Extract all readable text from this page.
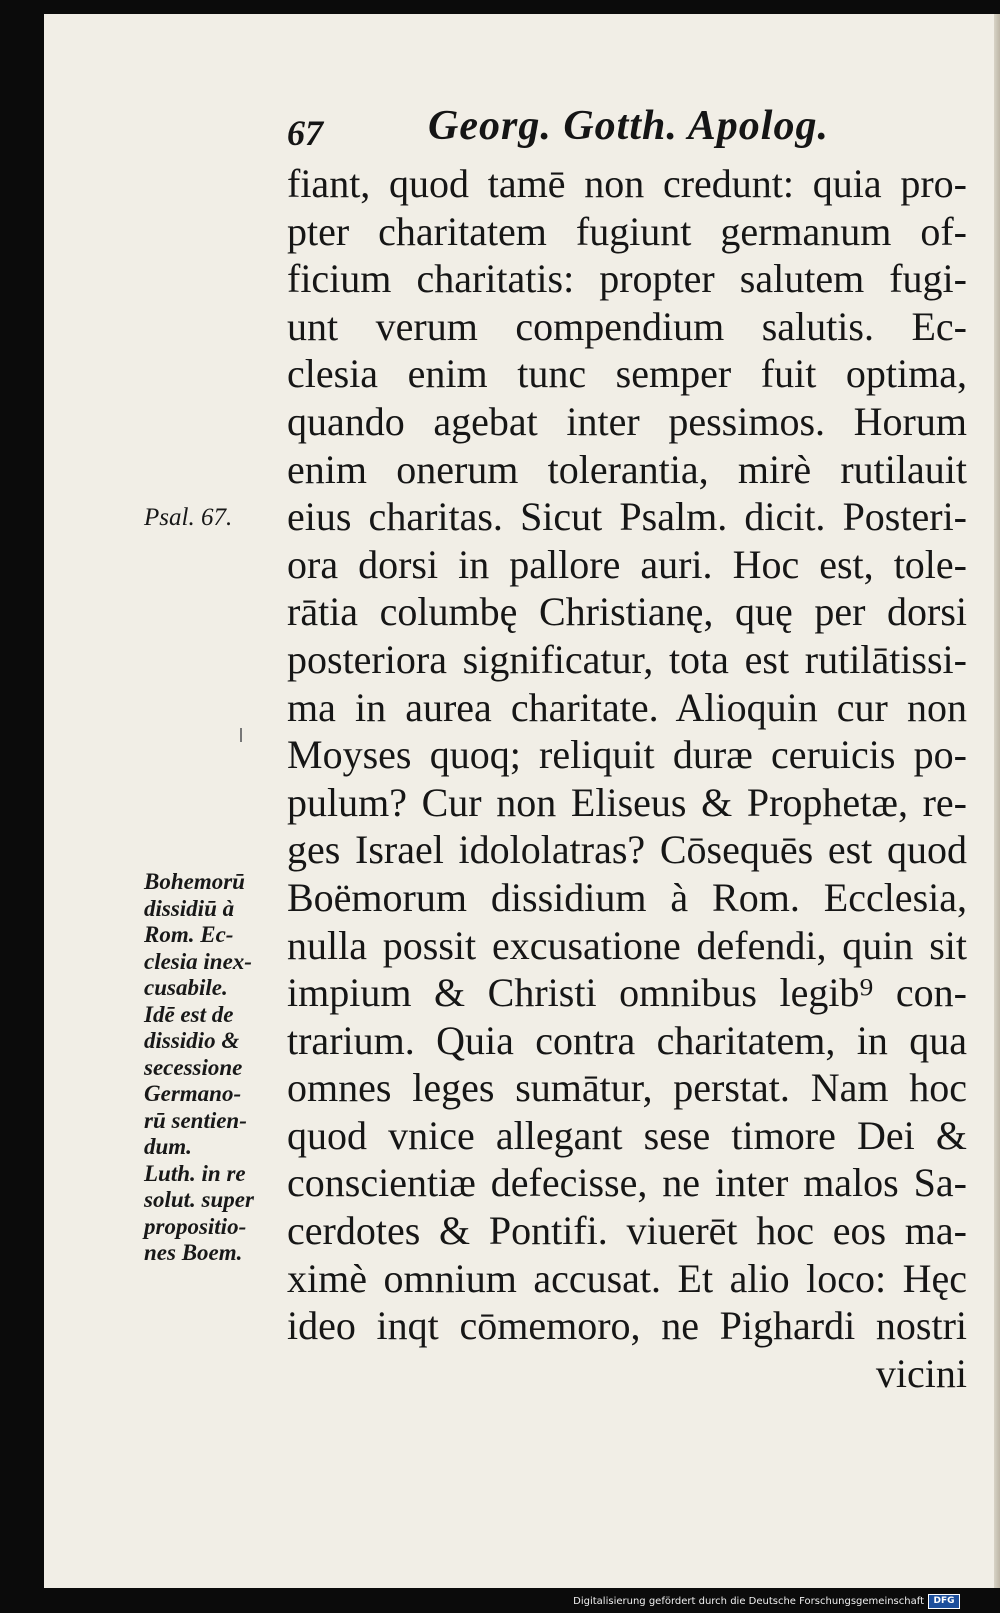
67	Georg. Gotth. Apolog.
Psal. 67.
Bohemorū
dissidiū à
Rom. Ec-
clesia inex-
cusabile.
Idē est de
dissidio &
secessione
Germano-
rū sentien-
dum.
Luth. in re
solut. super
propositio-
nes Boem.
fiant, quod tamē non credunt: quia pro-
pter charitatem fugiunt germanum of-
ficium charitatis: propter salutem fugi-
unt verum compendium salutis. Ec-
clesia enim tunc semper fuit optima,
quando agebat inter pessimos. Horum
enim onerum tolerantia, mirè rutilauit
eius charitas. Sicut Psalm. dicit. Posteri-
ora dorsi in pallore auri. Hoc est, tole-
rātia columbę Christianę, quę per dorsi
posteriora significatur, tota est rutilātissi-
ma in aurea charitate. Alioquin cur non
Moyses quoq; reliquit duræ ceruicis po-
pulum? Cur non Eliseus & Prophetæ, re-
ges Israel idololatras? Cōsequēs est quod
Boëmorum dissidium à Rom. Ecclesia,
nulla possit excusatione defendi, quin sit
impium & Christi omnibus legib⁹ con-
trarium. Quia contra charitatem, in qua
omnes leges sumātur, perstat. Nam hoc
quod vnice allegant sese timore Dei &
conscientiæ defecisse, ne inter malos Sa-
cerdotes & Pontifi. viuerēt hoc eos ma-
ximè omnium accusat. Et alio loco: Hęc
ideo inqt cōmemoro, ne Pighardi nostri
vicini
Digitalisierung gefördert durch die Deutsche Forschungsgemeinschaft	DFG
